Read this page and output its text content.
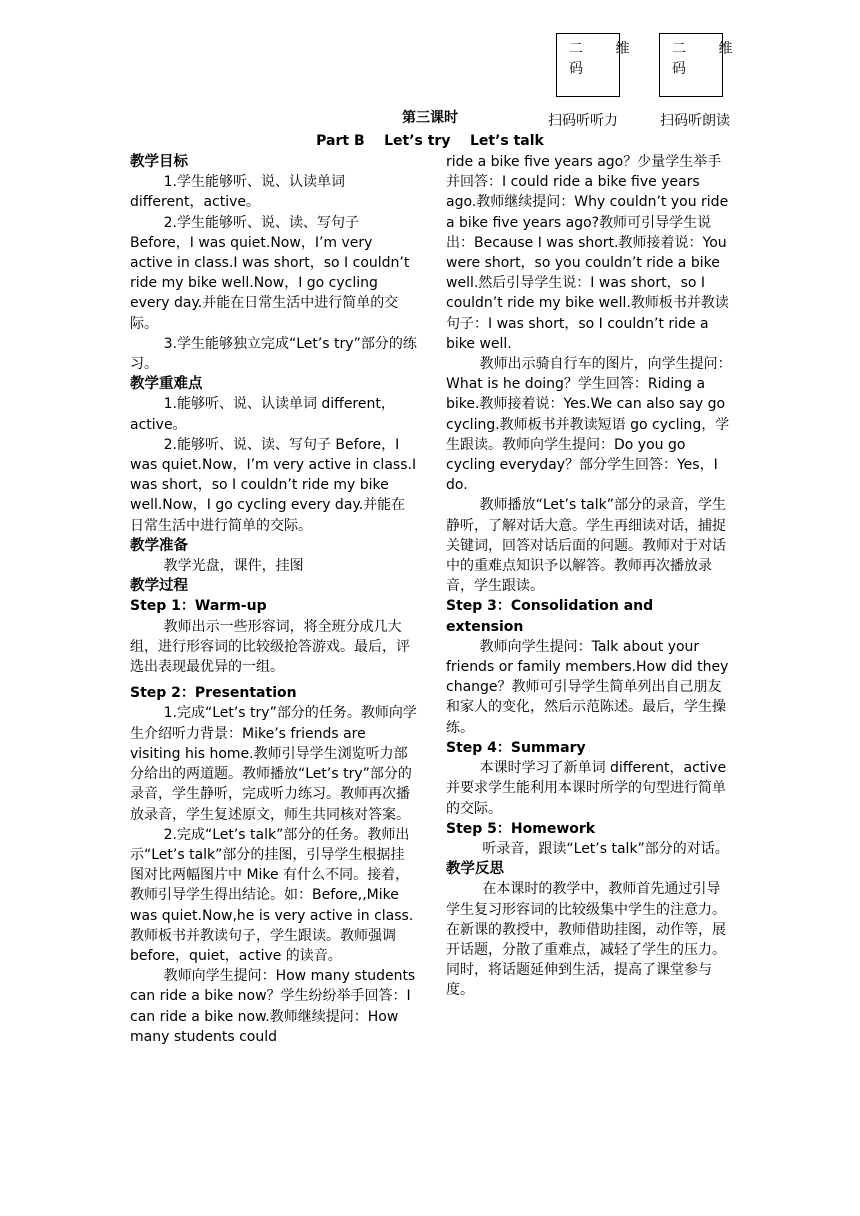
二 维
码
扫码听听力
二 维
码
扫码听朗读
第三课时
Part B    Let’s try    Let’s talk

教学目标

1.学生能够听、说、认读单词 different，active。

2.学生能够听、说、读、写句子 Before，I was quiet.Now，I’m very active in class.I was short，so I couldn’t ride my bike well.Now，I go cycling every day.并能在日常生活中进行简单的交际。

3.学生能够独立完成“Let’s try”部分的练习。

教学重难点

1.能够听、说、认读单词 different，active。

2.能够听、说、读、写句子 Before，I was quiet.Now，I’m very active in class.I was short，so I couldn’t ride my bike well.Now，I go cycling every day.并能在日常生活中进行简单的交际。

教学准备

教学光盘，课件，挂图

教学过程

Step 1：Warm-up

教师出示一些形容词，将全班分成几大组，进行形容词的比较级抢答游戏。最后，评选出表现最优异的一组。

Step 2：Presentation

1.完成“Let’s try”部分的任务。教师向学生介绍听力背景：Mike’s friends are visiting his home.教师引导学生浏览听力部分给出的两道题。教师播放“Let’s try”部分的录音，学生静听，完成听力练习。教师再次播放录音，学生复述原文，师生共同核对答案。

2.完成“Let’s talk”部分的任务。教师出示“Let’s talk”部分的挂图，引导学生根据挂图对比两幅图片中 Mike 有什么不同。接着，教师引导学生得出结论。如：Before,,Mike was quiet.Now,he is very active in class.教师板书并教读句子，学生跟读。教师强调 before，quiet，active 的读音。

教师向学生提问：How many students can ride a bike now？学生纷纷举手回答：I can ride a bike now.教师继续提问：How many students could

ride a bike five years ago？少量学生举手并回答：I could ride a bike five years ago.教师继续提问：Why couldn’t you ride a bike five years ago?教师可引导学生说出：Because I was short.教师接着说：You were short，so you couldn’t ride a bike well.然后引导学生说：I was short，so I couldn’t ride my bike well.教师板书并教读句子：I was short，so I couldn’t ride a bike well.

教师出示骑自行车的图片，向学生提问：What is he doing？学生回答：Riding a bike.教师接着说：Yes.We can also say go cycling.教师板书并教读短语 go cycling，学生跟读。教师向学生提问：Do you go cycling everyday？部分学生回答：Yes，I do.

教师播放“Let’s talk”部分的录音，学生静听，了解对话大意。学生再细读对话，捕捉关键词，回答对话后面的问题。教师对于对话中的重难点知识予以解答。教师再次播放录音，学生跟读。

Step 3：Consolidation and extension

教师向学生提问：Talk about your friends or family members.How did they change？教师可引导学生简单列出自己朋友和家人的变化，然后示范陈述。最后，学生操练。

Step 4：Summary

本课时学习了新单词 different，active 并要求学生能利用本课时所学的句型进行简单的交际。

Step 5：Homework

听录音，跟读“Let’s talk”部分的对话。

教学反思

在本课时的教学中，教师首先通过引导学生复习形容词的比较级集中学生的注意力。在新课的教授中，教师借助挂图，动作等，展开话题，分散了重难点，减轻了学生的压力。同时，将话题延伸到生活，提高了课堂参与度。
